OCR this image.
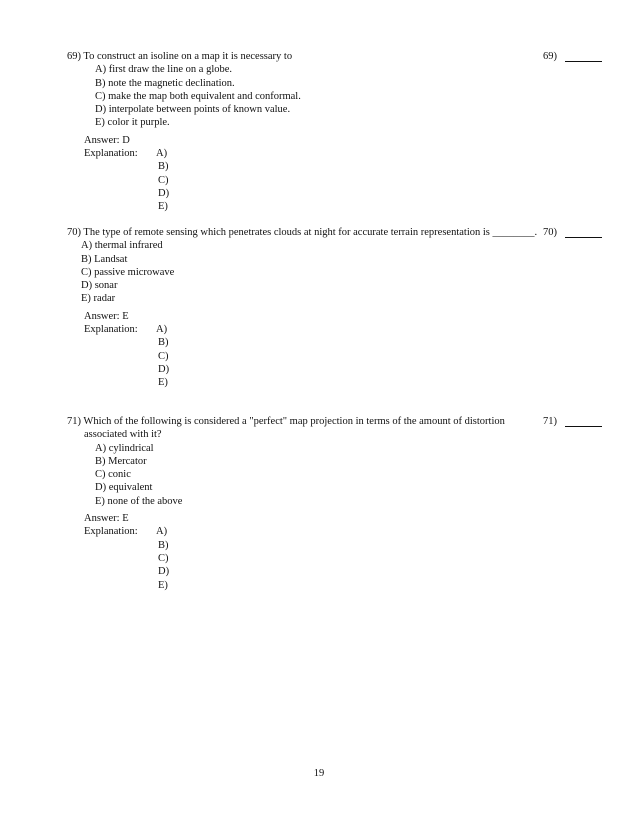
69) To construct an isoline on a map it is necessary to	69)
A) first draw the line on a globe.
B) note the magnetic declination.
C) make the map both equivalent and conformal.
D) interpolate between points of known value.
E) color it purple.
Answer: D
Explanation:	A)
B)
C)
D)
E)
70) The type of remote sensing which penetrates clouds at night for accurate terrain representation is ________. 70)
A) thermal infrared
B) Landsat
C) passive microwave
D) sonar
E) radar
Answer: E
Explanation:	A)
B)
C)
D)
E)
71) Which of the following is considered a "perfect" map projection in terms of the amount of distortion associated with it?
71)
A) cylindrical
B) Mercator
C) conic
D) equivalent
E) none of the above
Answer: E
Explanation:	A)
B)
C)
D)
E)
19
